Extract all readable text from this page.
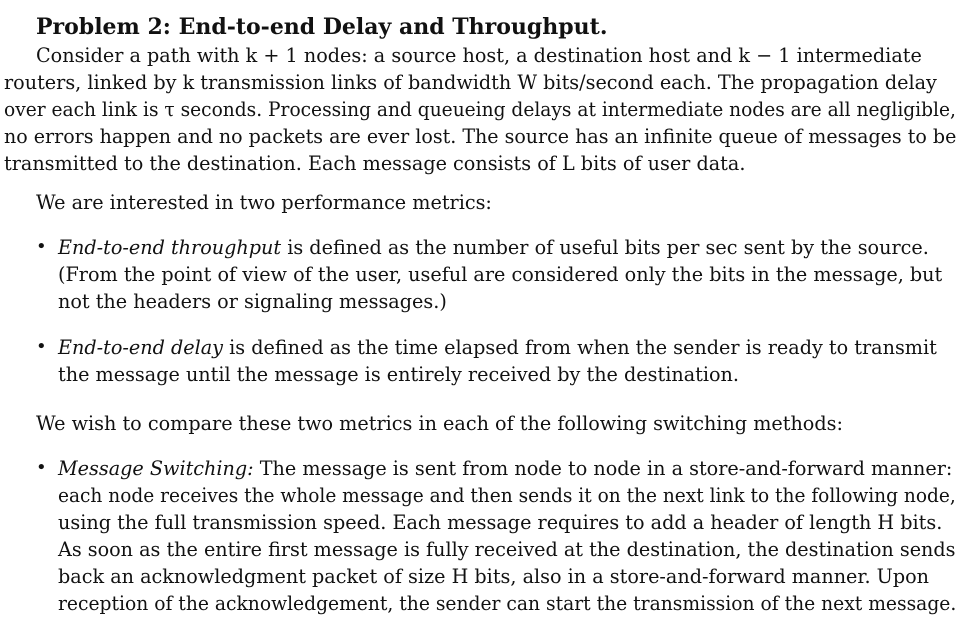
Problem 2: End-to-end Delay and Throughput.
Consider a path with k + 1 nodes: a source host, a destination host and k − 1 intermediate
routers, linked by k transmission links of bandwidth W bits/second each. The propagation delay
over each link is τ seconds. Processing and queueing delays at intermediate nodes are all negligible,
no errors happen and no packets are ever lost. The source has an infinite queue of messages to be
transmitted to the destination. Each message consists of L bits of user data.
We are interested in two performance metrics:
• End-to-end throughput is defined as the number of useful bits per sec sent by the source.
(From the point of view of the user, useful are considered only the bits in the message, but
not the headers or signaling messages.)
• End-to-end delay is defined as the time elapsed from when the sender is ready to transmit
the message until the message is entirely received by the destination.
We wish to compare these two metrics in each of the following switching methods:
• Message Switching: The message is sent from node to node in a store-and-forward manner:
each node receives the whole message and then sends it on the next link to the following node,
using the full transmission speed. Each message requires to add a header of length H bits.
As soon as the entire first message is fully received at the destination, the destination sends
back an acknowledgment packet of size H bits, also in a store-and-forward manner. Upon
reception of the acknowledgement, the sender can start the transmission of the next message.
